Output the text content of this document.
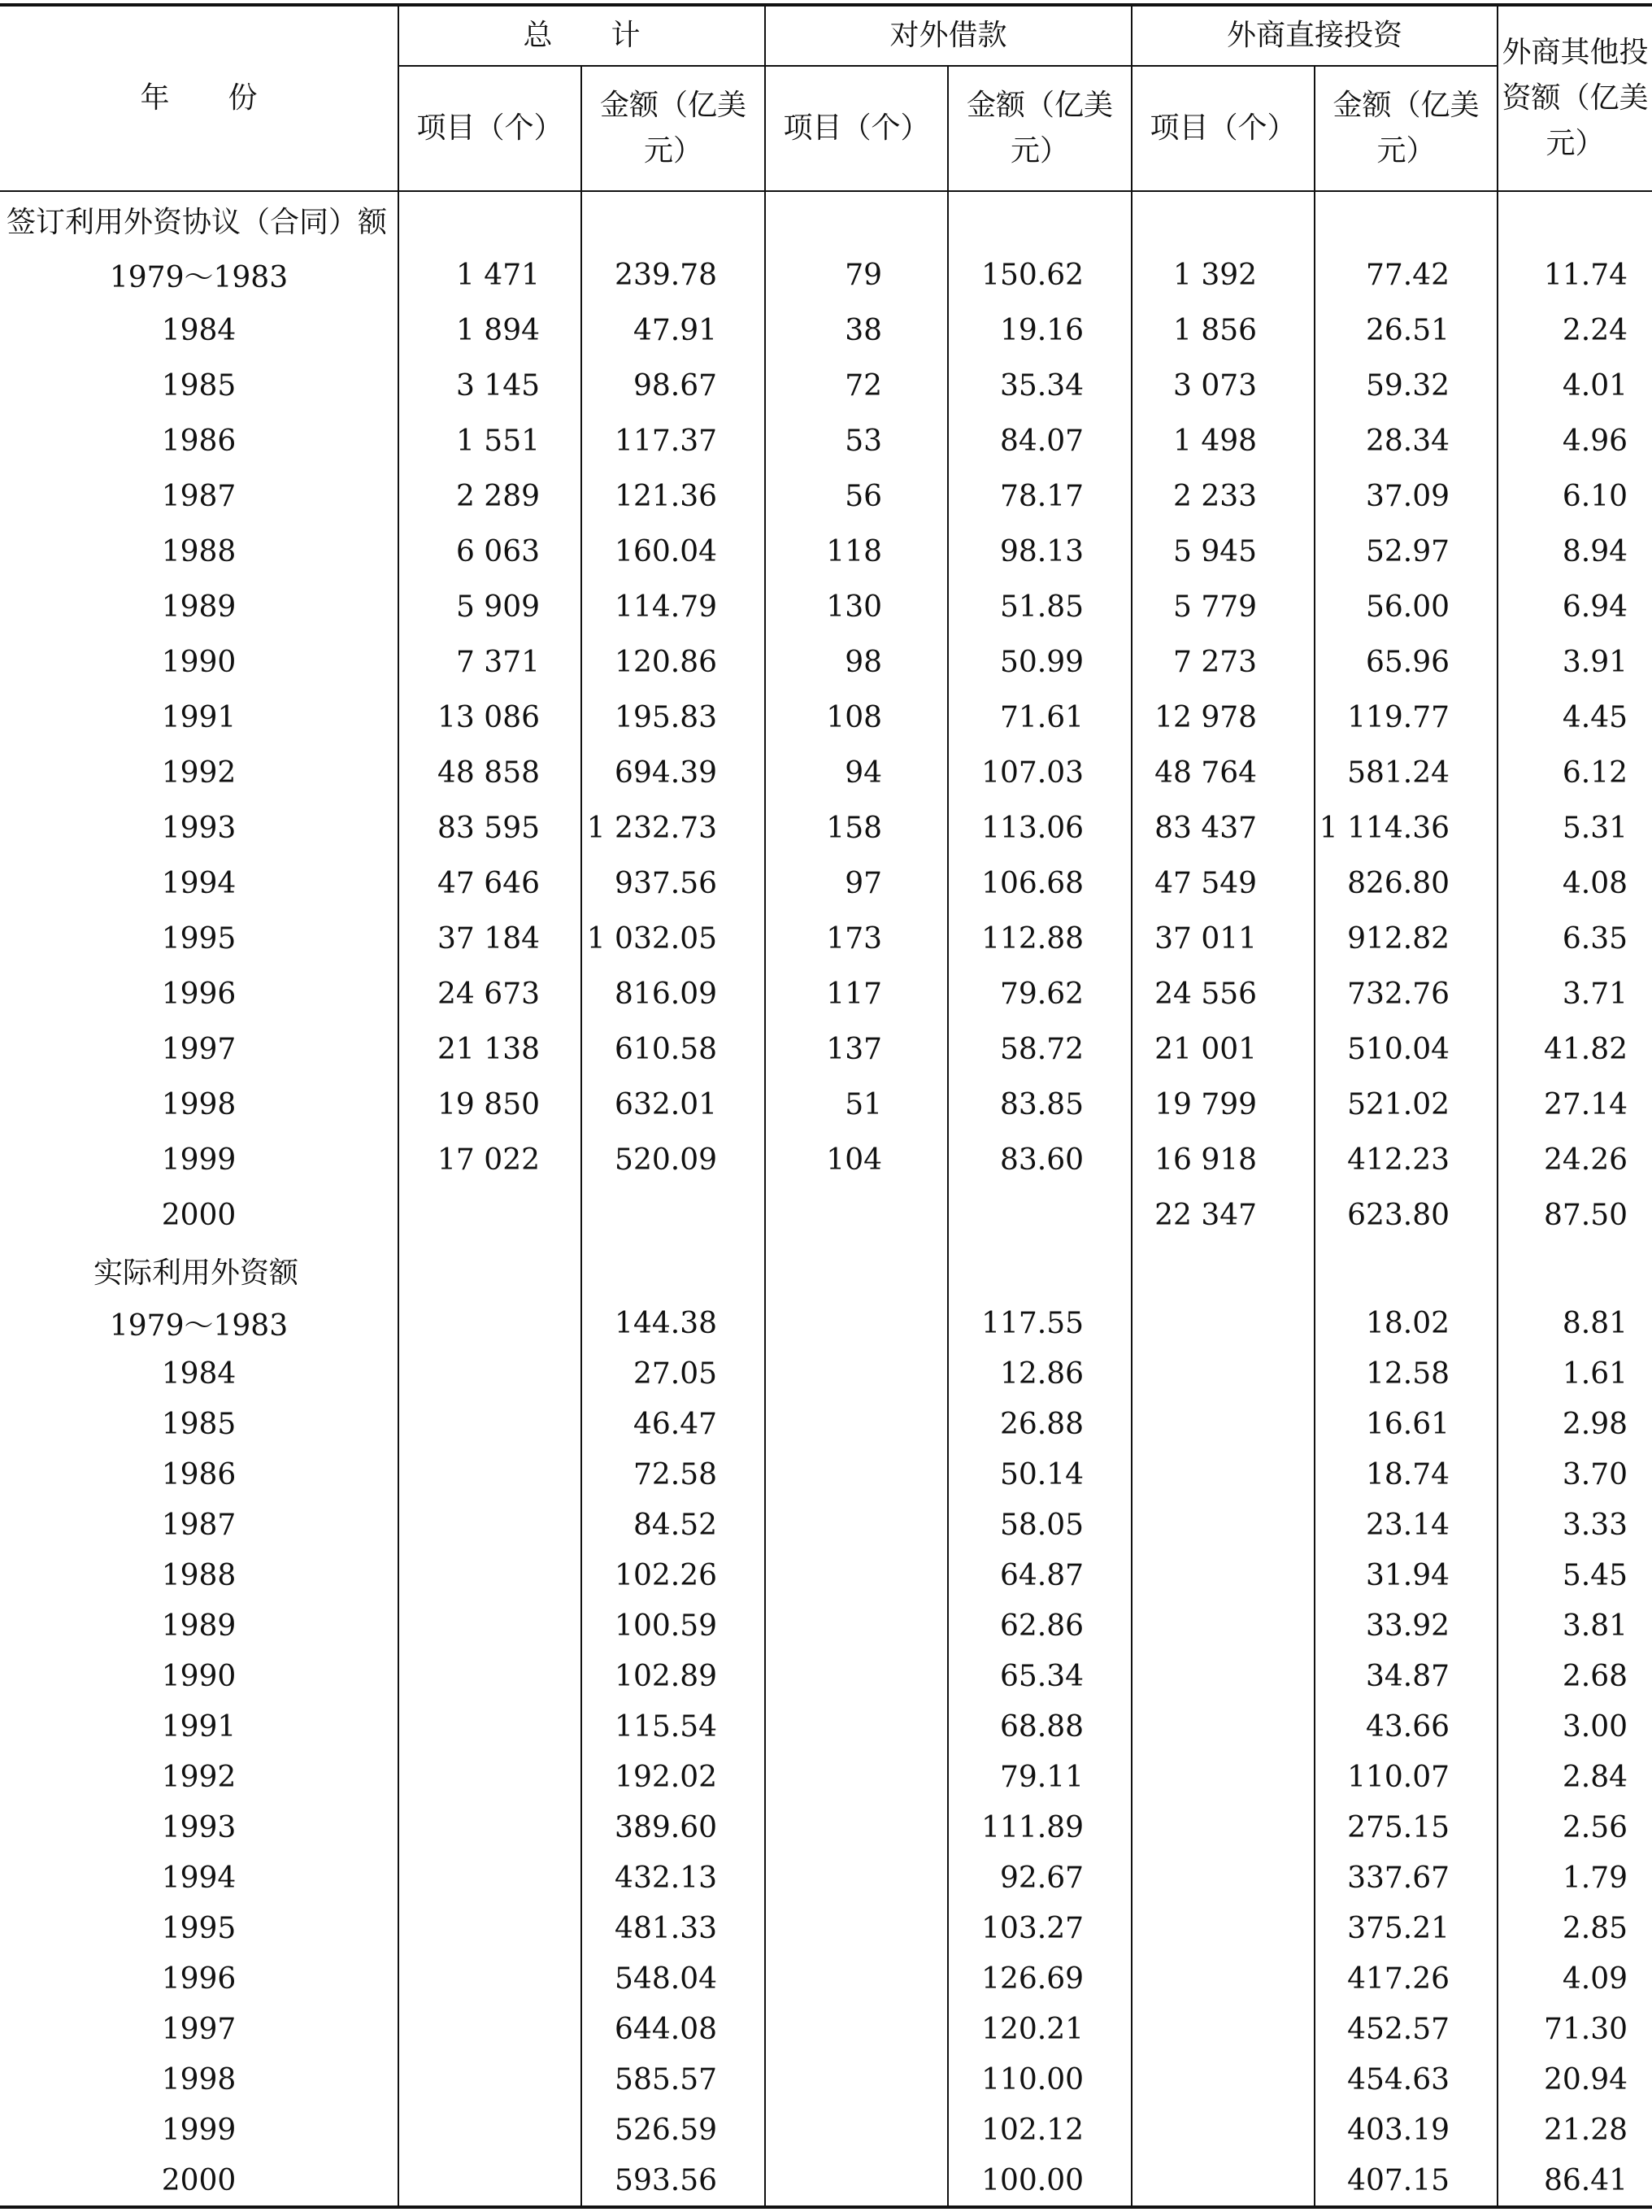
年　　份	总　　计		对外借款		外商直接投资		外商其他投资额（亿美元）
	项目（个）	金额（亿美元）	项目（个）	金额（亿美元）	项目（个）	金额（亿美元）	
签订利用外资协议（合同）额							
1979～1983	1 471	239.78	79	150.62	1 392	77.42	11.74
1984	1 894	47.91	38	19.16	1 856	26.51	2.24
1985	3 145	98.67	72	35.34	3 073	59.32	4.01
1986	1 551	117.37	53	84.07	1 498	28.34	4.96
1987	2 289	121.36	56	78.17	2 233	37.09	6.10
1988	6 063	160.04	118	98.13	5 945	52.97	8.94
1989	5 909	114.79	130	51.85	5 779	56.00	6.94
1990	7 371	120.86	98	50.99	7 273	65.96	3.91
1991	13 086	195.83	108	71.61	12 978	119.77	4.45
1992	48 858	694.39	94	107.03	48 764	581.24	6.12
1993	83 595	1 232.73	158	113.06	83 437	1 114.36	5.31
1994	47 646	937.56	97	106.68	47 549	826.80	4.08
1995	37 184	1 032.05	173	112.88	37 011	912.82	6.35
1996	24 673	816.09	117	79.62	24 556	732.76	3.71
1997	21 138	610.58	137	58.72	21 001	510.04	41.82
1998	19 850	632.01	51	83.85	19 799	521.02	27.14
1999	17 022	520.09	104	83.60	16 918	412.23	24.26
2000					22 347	623.80	87.50
实际利用外资额							
1979～1983		144.38		117.55		18.02	8.81
1984		27.05		12.86		12.58	1.61
1985		46.47		26.88		16.61	2.98
1986		72.58		50.14		18.74	3.70
1987		84.52		58.05		23.14	3.33
1988		102.26		64.87		31.94	5.45
1989		100.59		62.86		33.92	3.81
1990		102.89		65.34		34.87	2.68
1991		115.54		68.88		43.66	3.00
1992		192.02		79.11		110.07	2.84
1993		389.60		111.89		275.15	2.56
1994		432.13		92.67		337.67	1.79
1995		481.33		103.27		375.21	2.85
1996		548.04		126.69		417.26	4.09
1997		644.08		120.21		452.57	71.30
1998		585.57		110.00		454.63	20.94
1999		526.59		102.12		403.19	21.28
2000		593.56		100.00		407.15	86.41
